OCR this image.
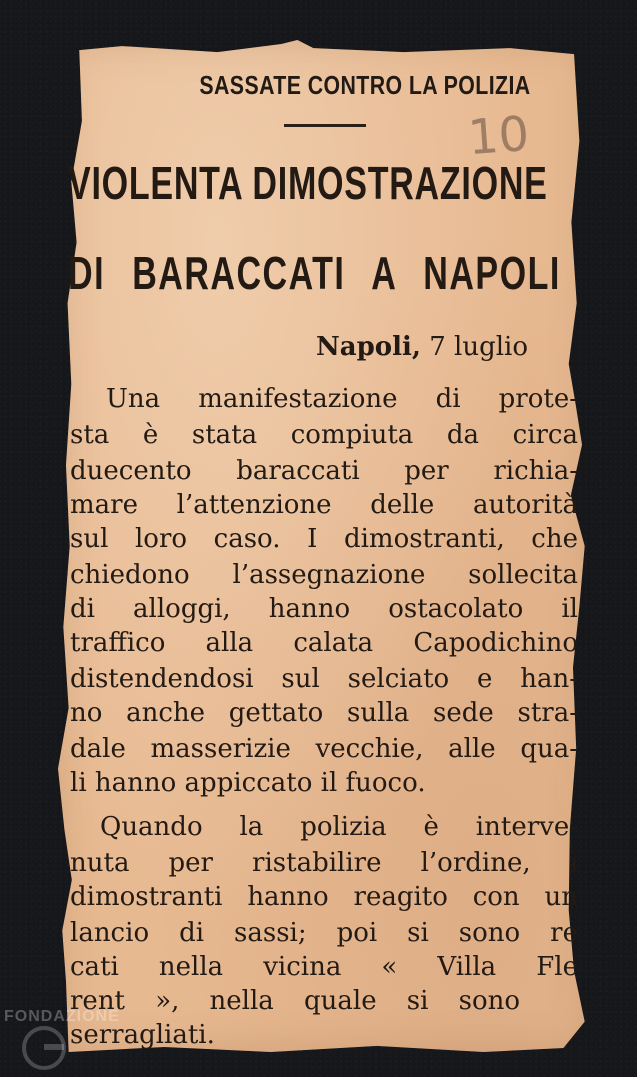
SASSATE CONTRO LA POLIZIA
10
VIOLENTA DIMOSTRAZIONE
DI BARACCATI A NAPOLI
Napoli, 7 luglio
Una manifestazione di prote-
sta è stata compiuta da circa
duecento baraccati per richia-
mare l’attenzione delle autorità
sul loro caso. I dimostranti, che
chiedono l’assegnazione sollecita
di alloggi, hanno ostacolato il
traffico alla calata Capodichino
distendendosi sul selciato e han-
no anche gettato sulla sede stra-
dale masserizie vecchie, alle qua-
li hanno appiccato il fuoco.
Quando la polizia è interve-
nuta per ristabilire l’ordine, i
dimostranti hanno reagito con un
lancio di sassi; poi si sono re
cati nella vicina « Villa Fle
rent », nella quale si sono
serragliati.
FONDAZIONE
